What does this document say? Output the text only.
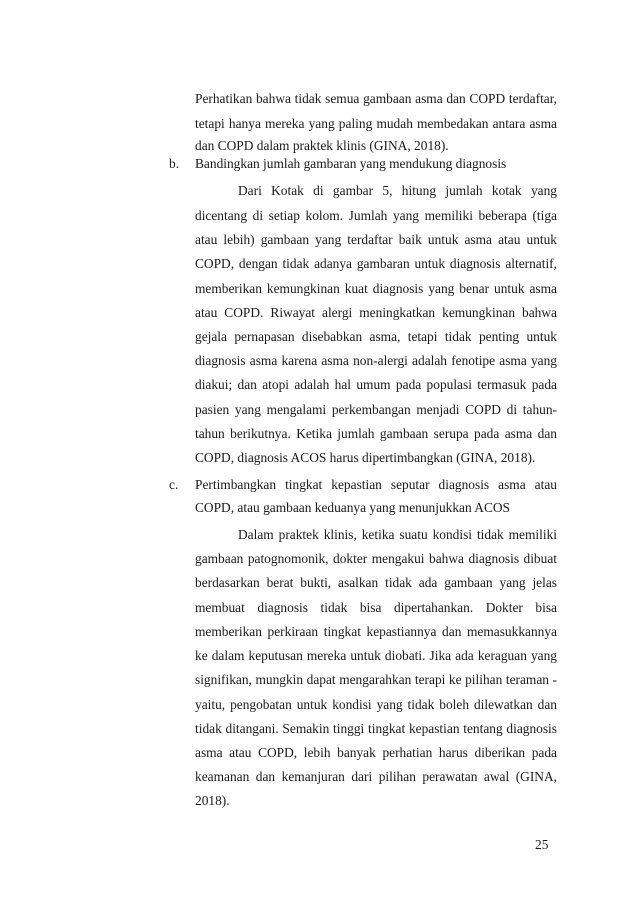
Perhatikan bahwa tidak semua gambaan asma dan COPD terdaftar,
tetapi hanya mereka yang paling mudah membedakan antara asma
dan COPD dalam praktek klinis (GINA, 2018).
b. Bandingkan jumlah gambaran yang mendukung diagnosis
Dari Kotak di gambar 5, hitung jumlah kotak yang
dicentang di setiap kolom. Jumlah yang memiliki beberapa (tiga
atau lebih) gambaan yang terdaftar baik untuk asma atau untuk
COPD, dengan tidak adanya gambaran untuk diagnosis alternatif,
memberikan kemungkinan kuat diagnosis yang benar untuk asma
atau COPD. Riwayat alergi meningkatkan kemungkinan bahwa
gejala pernapasan disebabkan asma, tetapi tidak penting untuk
diagnosis asma karena asma non-alergi adalah fenotipe asma yang
diakui; dan atopi adalah hal umum pada populasi termasuk pada
pasien yang mengalami perkembangan menjadi COPD di tahun-
tahun berikutnya. Ketika jumlah gambaan serupa pada asma dan
COPD, diagnosis ACOS harus dipertimbangkan (GINA, 2018).
c. Pertimbangkan tingkat kepastian seputar diagnosis asma atau
COPD, atau gambaan keduanya yang menunjukkan ACOS
Dalam praktek klinis, ketika suatu kondisi tidak memiliki
gambaan patognomonik, dokter mengakui bahwa diagnosis dibuat
berdasarkan berat bukti, asalkan tidak ada gambaan yang jelas
membuat diagnosis tidak bisa dipertahankan. Dokter bisa
memberikan perkiraan tingkat kepastiannya dan memasukkannya
ke dalam keputusan mereka untuk diobati. Jika ada keraguan yang
signifikan, mungkin dapat mengarahkan terapi ke pilihan teraman -
yaitu, pengobatan untuk kondisi yang tidak boleh dilewatkan dan
tidak ditangani. Semakin tinggi tingkat kepastian tentang diagnosis
asma atau COPD, lebih banyak perhatian harus diberikan pada
keamanan dan kemanjuran dari pilihan perawatan awal (GINA,
2018).
25
